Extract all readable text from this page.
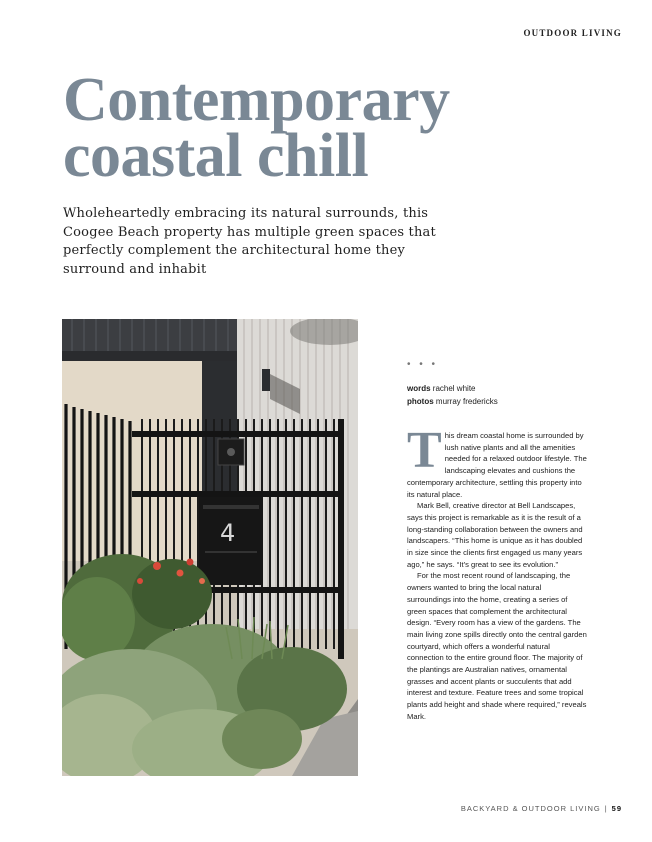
OUTDOOR LIVING
Contemporary
coastal chill

Wholeheartedly embracing its natural surrounds, this Coogee Beach property has multiple green spaces that perfectly complement the architectural home they surround and inhabit

4
• • •
words rachel white
photos murray fredericks

This dream coastal home is surrounded by lush native plants and all the amenities needed for a relaxed outdoor lifestyle. The landscaping elevates and cushions the contemporary architecture, settling this property into its natural place.

Mark Bell, creative director at Bell Landscapes, says this project is remarkable as it is the result of a long-standing collaboration between the owners and landscapers. “This home is unique as it has doubled in size since the clients first engaged us many years ago,” he says. “It’s great to see its evolution.”

For the most recent round of landscaping, the owners wanted to bring the local natural surroundings into the home, creating a series of green spaces that complement the architectural design. “Every room has a view of the gardens. The main living zone spills directly onto the central garden courtyard, which offers a wonderful natural connection to the entire ground floor. The majority of the plantings are Australian natives, ornamental grasses and accent plants or succulents that add interest and texture. Feature trees and some tropical plants add height and shade where required,” reveals Mark.

BACKYARD & OUTDOOR LIVING | 59
